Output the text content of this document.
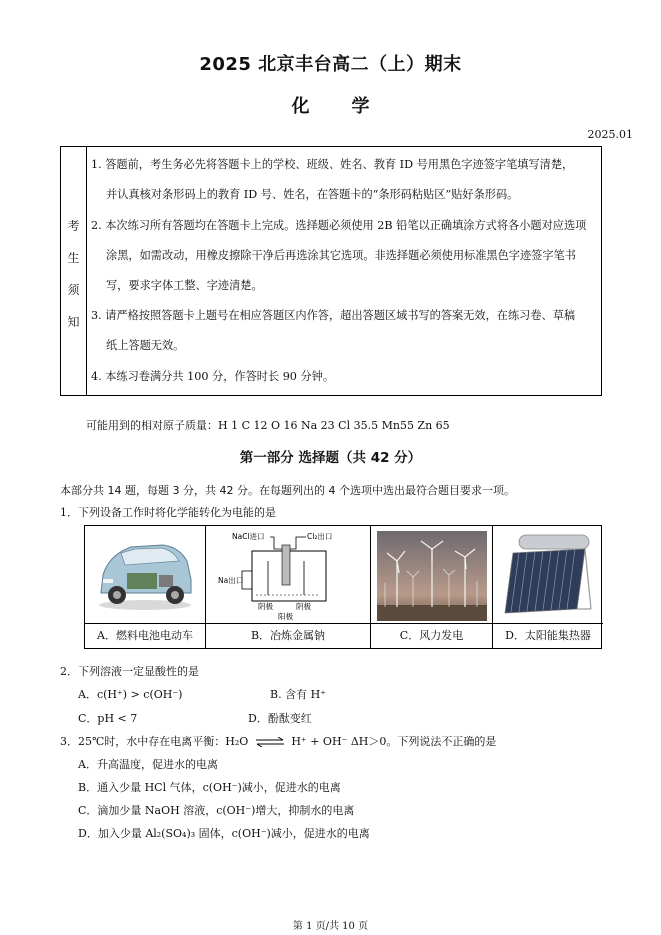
2025 北京丰台高二（上）期末
化学
2025.01
考
生
须
知
1. 答题前，考生务必先将答题卡上的学校、班级、姓名、教育 ID 号用黑色字迹签字笔填写清楚，
并认真核对条形码上的教育 ID 号、姓名，在答题卡的“条形码粘贴区”贴好条形码。
2. 本次练习所有答题均在答题卡上完成。选择题必须使用 2B 铅笔以正确填涂方式将各小题对应选项
涂黑，如需改动，用橡皮擦除干净后再选涂其它选项。非选择题必须使用标准黑色字迹签字笔书
写，要求字体工整、字迹清楚。
3. 请严格按照答题卡上题号在相应答题区内作答，超出答题区域书写的答案无效，在练习卷、草稿
纸上答题无效。
4. 本练习卷满分共 100 分，作答时长 90 分钟。
可能用到的相对原子质量：H 1 C 12 O 16 Na 23 Cl 35.5 Mn55 Zn 65
第一部分 选择题（共 42 分）
本部分共 14 题，每题 3 分，共 42 分。在每题列出的 4 个选项中选出最符合题目要求一项。
1．下列设备工作时将化学能转化为电能的是
A．燃料电池电动车
NaCl进口	Cl₂出口
Na出口
阴极	阴极
阳极
B．冶炼金属钠	C．风力发电	D．太阳能集热器
2．下列溶液一定显酸性的是
A．c(H⁺) > c(OH⁻)	B. 含有 H⁺
C．pH < 7	D．酚酞变红
3．25℃时，水中存在电离平衡：H₂O ⇌ H⁺ + OH⁻ ΔH＞0。下列说法不正确的是
A．升高温度，促进水的电离
B．通入少量 HCl 气体，c(OH⁻)减小，促进水的电离
C．滴加少量 NaOH 溶液，c(OH⁻)增大，抑制水的电离
D．加入少量 Al₂(SO₄)₃ 固体，c(OH⁻)减小，促进水的电离
第 1 页/共 10 页
